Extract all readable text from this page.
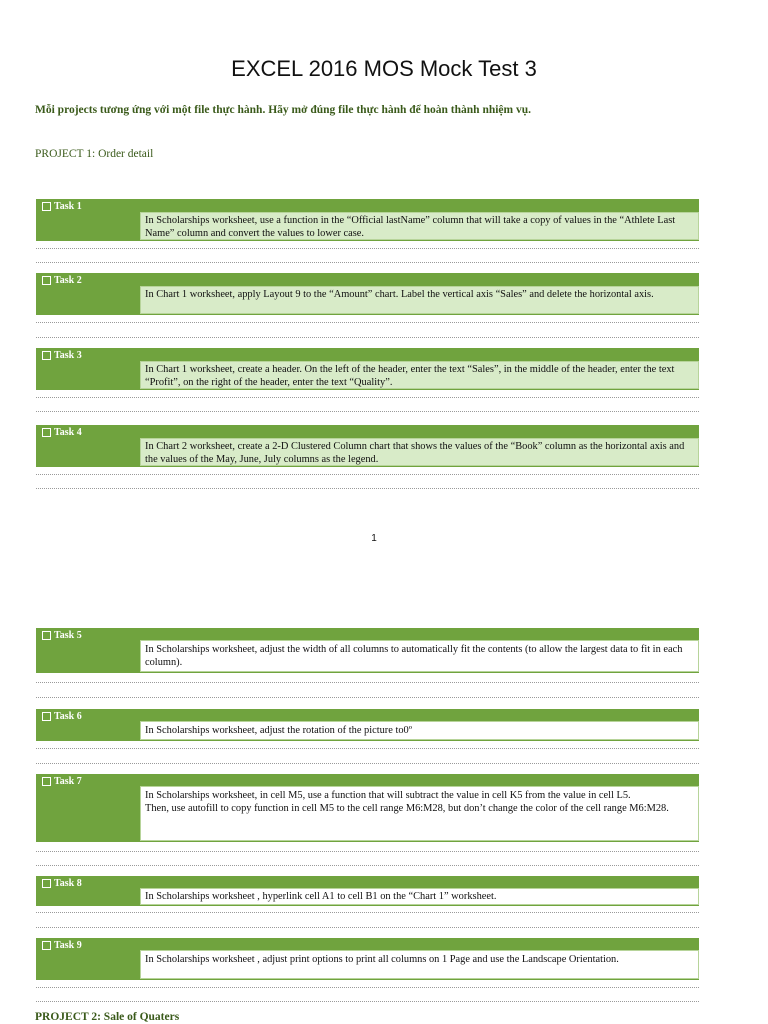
EXCEL 2016 MOS Mock Test 3
Mỗi projects tương ứng với một file thực hành. Hãy mở đúng file thực hành để hoàn thành nhiệm vụ.
PROJECT 1: Order detail
Task 1
In Scholarships worksheet, use a function in the “Official lastName” column that will take a copy of values in the “Athlete Last Name” column and convert the values to lower case.
Task 2
In Chart 1 worksheet, apply Layout 9 to the “Amount” chart. Label the vertical axis “Sales” and delete the horizontal axis.
Task 3
In Chart 1 worksheet, create a header. On the left of the header, enter the text “Sales”, in the middle of the header, enter the text “Profit”, on the right of the header, enter the text “Quality”.
Task 4
In Chart 2 worksheet, create a 2-D Clustered Column chart that shows the values of the “Book” column as the horizontal axis and the values of the May, June, July columns as the legend.
1
Task 5
In Scholarships worksheet, adjust the width of all columns to automatically fit the contents (to allow the largest data to fit in each column).
Task 6
In Scholarships worksheet, adjust the rotation of the picture to0º
Task 7
In Scholarships worksheet, in cell M5, use a function that will subtract the value in cell K5 from the value in cell L5.
Then, use autofill to copy function in cell M5 to the cell range M6:M28, but don’t change the color of the cell range M6:M28.
Task 8
In Scholarships worksheet , hyperlink cell A1 to cell B1 on the “Chart 1” worksheet.
Task 9
In Scholarships worksheet , adjust print options to print all columns on 1 Page and use the Landscape Orientation.
PROJECT 2: Sale of Quaters
